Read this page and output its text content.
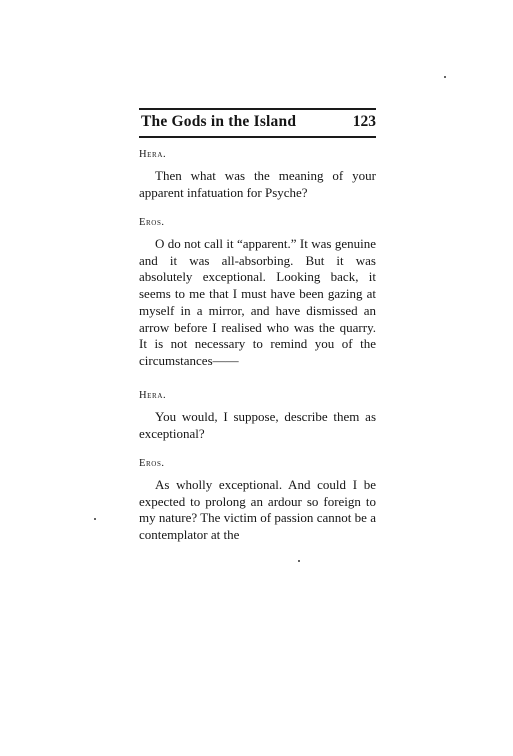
The Gods in the Island	123
Hera.
Then what was the meaning of your apparent infatuation for Psyche?
Eros.
O do not call it “apparent.” It was genuine and it was all-absorbing. But it was absolutely exceptional. Looking back, it seems to me that I must have been gazing at myself in a mirror, and have dismissed an arrow before I realised who was the quarry. It is not necessary to remind you of the circumstances——
Hera.
You would, I suppose, describe them as exceptional?
Eros.
As wholly exceptional. And could I be expected to prolong an ardour so foreign to my nature? The victim of passion cannot be a contemplator at the
